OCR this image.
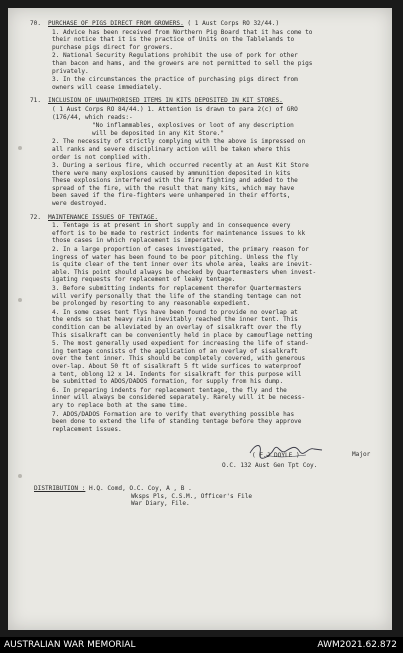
70. PURCHASE OF PIGS DIRECT FROM GROWERS. ( 1 Aust Corps RO 32/44.)
1. Advice has been received from Northern Pig Board that it has come to
their notice that it is the practice of Units on the Tablelands to
purchase pigs direct for growers.
2. National Security Regulations prohibit the use of pork for other
than bacon and hams, and the growers are not permitted to sell the pigs
privately.
3. In the circumstances the practice of purchasing pigs direct from
owners will cease immediately.
71. INCLUSION OF UNAUTHORISED ITEMS IN KITS DEPOSITED IN KIT STORES.
( 1 Aust Corps RO 84/44.) 1. Attention is drawn to para 2(c) of GRO
(176/44, which reads:-
"No inflammables, explosives or loot of any description
will be deposited in any Kit Store."
2. The necessity of strictly complying with the above is impressed on
all ranks and severe disciplinary action will be taken where this
order is not complied with.
3. During a serious fire, which occurred recently at an Aust Kit Store
there were many explosions caused by ammunition deposited in kits
These explosions interfered with the fire fighting and added to the
spread of the fire, with the result that many kits, which may have
been saved if the fire-fighters were unhampered in their efforts,
were destroyed.
72. MAINTENANCE ISSUES OF TENTAGE.
1. Tentage is at present in short supply and in consequence every
effort is to be made to restrict indents for maintenance issues to kk
those cases in which replacement is imperative.
2. In a large proportion of cases investigated, the primary reason for
ingress of water has been found to be poor pitching. Unless the fly
is quite clear of the tent inner over its whole area, leaks are inevit-
able. This point should always be checked by Quartermasters when invest-
igating requests for replacement of leaky tentage.
3. Before submitting indents for replacement therefor Quartermasters
will verify personally that the life of the standing tentage can not
be prolonged by resorting to any reasonable expedient.
4. In some cases tent flys have been found to provide no overlap at
the ends so that heavy rain inevitably reached the inner tent. This
condition can be alleviated by an overlay of sisalkraft over the fly
This sisalkraft can be conveniently held in place by camouflage netting
5. The most generally used expedient for increasing the life of stand-
ing tentage consists of the application of an overlay of sisalkraft
over the tent inner. This should be completely covered, with generous
over-lap. About 50 ft of sisalkraft 5 ft wide surfices to waterproof
a tent, oblong 12 x 14. Indents for sisalkraft for this purpose will
be submitted to ADOS/DADOS formation, for supply from his dump.
6. In preparing indents for replacement tentage, the fly and the
inner will always be considered separately. Rarely will it be necess-
ary to replace both at the same time.
7. ADOS/DADOS Formation are to verify that everything possible has
been done to extend the life of standing tentage before they approve
replacement issues.
( F.J DOYLE )	Major
O.C. 132 Aust Gen Tpt Coy.
DISTRIBUTION : H.Q. Comd, O.C. Coy, A , B .
Wksps Pls, C.S.M., Officer's File
War Diary, File.
AUSTRALIAN WAR MEMORIAL	AWM2021.62.872
